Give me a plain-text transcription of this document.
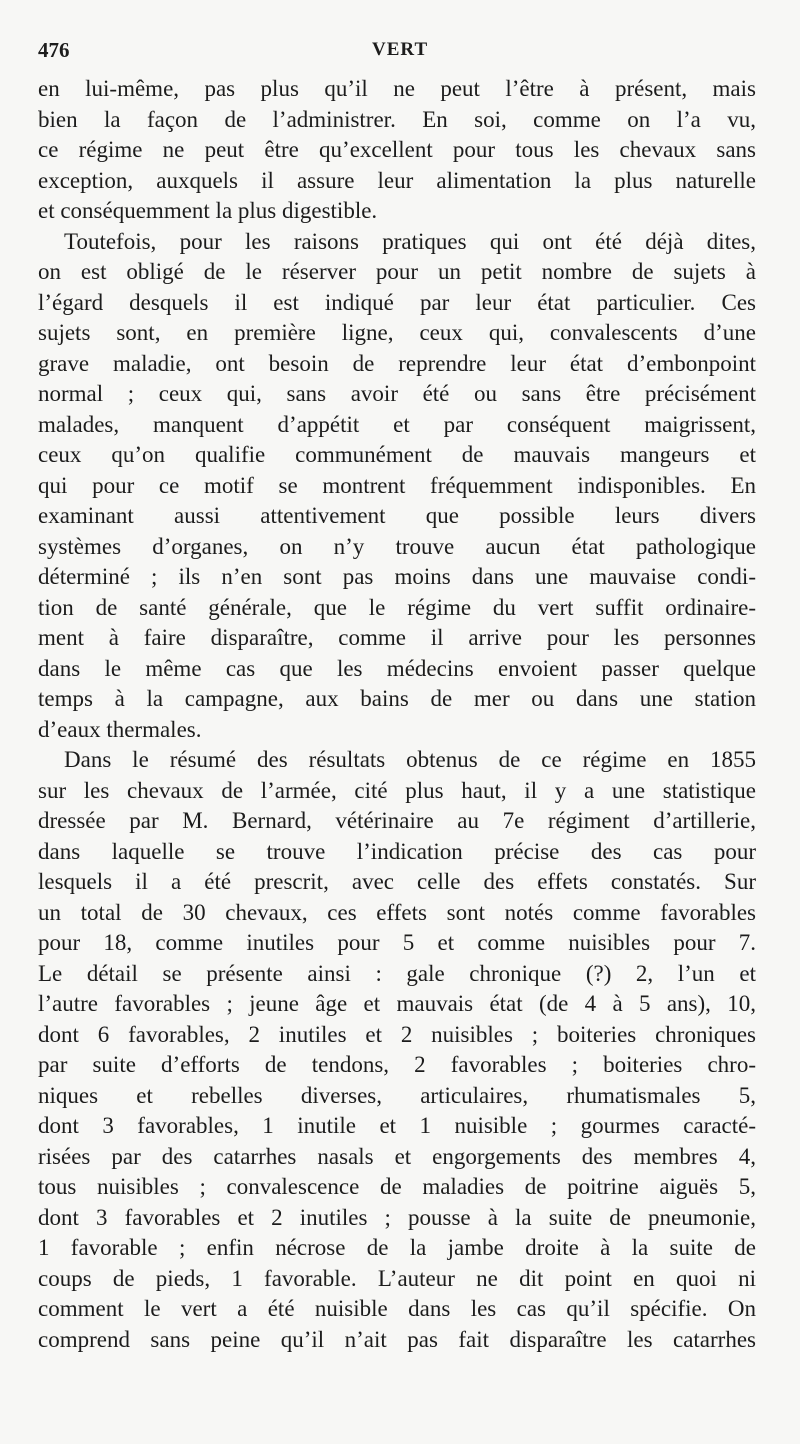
476	VERT
en lui-même, pas plus qu’il ne peut l’être à présent, mais
bien la façon de l’administrer. En soi, comme on l’a vu,
ce régime ne peut être qu’excellent pour tous les chevaux sans
exception, auxquels il assure leur alimentation la plus naturelle
et conséquemment la plus digestible.
Toutefois, pour les raisons pratiques qui ont été déjà dites,
on est obligé de le réserver pour un petit nombre de sujets à
l’égard desquels il est indiqué par leur état particulier. Ces
sujets sont, en première ligne, ceux qui, convalescents d’une
grave maladie, ont besoin de reprendre leur état d’embonpoint
normal ; ceux qui, sans avoir été ou sans être précisément
malades, manquent d’appétit et par conséquent maigrissent,
ceux qu’on qualifie communément de mauvais mangeurs et
qui pour ce motif se montrent fréquemment indisponibles. En
examinant aussi attentivement que possible leurs divers
systèmes d’organes, on n’y trouve aucun état pathologique
déterminé ; ils n’en sont pas moins dans une mauvaise condi-
tion de santé générale, que le régime du vert suffit ordinaire-
ment à faire disparaître, comme il arrive pour les personnes
dans le même cas que les médecins envoient passer quelque
temps à la campagne, aux bains de mer ou dans une station
d’eaux thermales.
Dans le résumé des résultats obtenus de ce régime en 1855
sur les chevaux de l’armée, cité plus haut, il y a une statistique
dressée par M. Bernard, vétérinaire au 7e régiment d’artillerie,
dans laquelle se trouve l’indication précise des cas pour
lesquels il a été prescrit, avec celle des effets constatés. Sur
un total de 30 chevaux, ces effets sont notés comme favorables
pour 18, comme inutiles pour 5 et comme nuisibles pour 7.
Le détail se présente ainsi : gale chronique (?) 2, l’un et
l’autre favorables ; jeune âge et mauvais état (de 4 à 5 ans), 10,
dont 6 favorables, 2 inutiles et 2 nuisibles ; boiteries chroniques
par suite d’efforts de tendons, 2 favorables ; boiteries chro-
niques et rebelles diverses, articulaires, rhumatismales 5,
dont 3 favorables, 1 inutile et 1 nuisible ; gourmes caracté-
risées par des catarrhes nasals et engorgements des membres 4,
tous nuisibles ; convalescence de maladies de poitrine aiguës 5,
dont 3 favorables et 2 inutiles ; pousse à la suite de pneumonie,
1 favorable ; enfin nécrose de la jambe droite à la suite de
coups de pieds, 1 favorable. L’auteur ne dit point en quoi ni
comment le vert a été nuisible dans les cas qu’il spécifie. On
comprend sans peine qu’il n’ait pas fait disparaître les catarrhes
